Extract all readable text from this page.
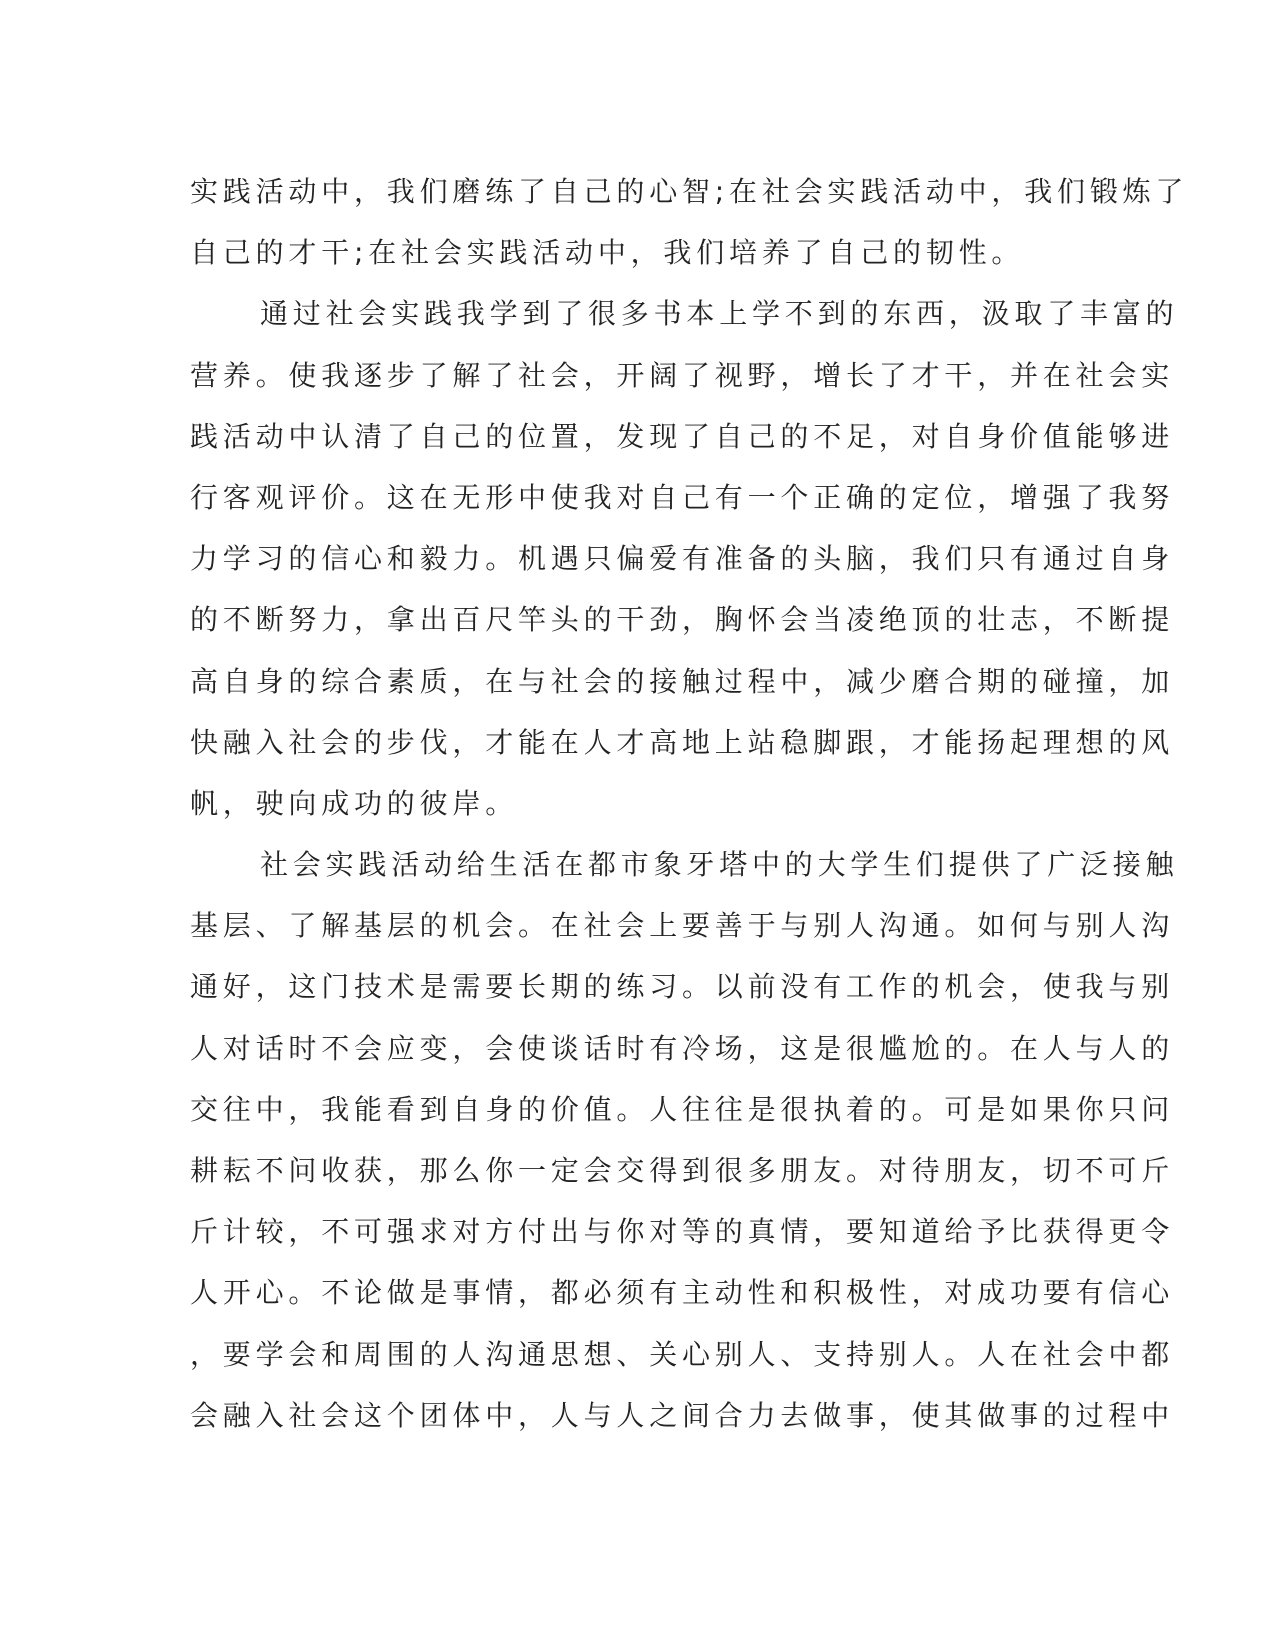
实践活动中，我们磨练了自己的心智;在社会实践活动中，我们锻炼了
自己的才干;在社会实践活动中，我们培养了自己的韧性。
通过社会实践我学到了很多书本上学不到的东西，汲取了丰富的
营养。使我逐步了解了社会，开阔了视野，增长了才干，并在社会实
践活动中认清了自己的位置，发现了自己的不足，对自身价值能够进
行客观评价。这在无形中使我对自己有一个正确的定位，增强了我努
力学习的信心和毅力。机遇只偏爱有准备的头脑，我们只有通过自身
的不断努力，拿出百尺竿头的干劲，胸怀会当凌绝顶的壮志，不断提
高自身的综合素质，在与社会的接触过程中，减少磨合期的碰撞，加
快融入社会的步伐，才能在人才高地上站稳脚跟，才能扬起理想的风
帆，驶向成功的彼岸。
社会实践活动给生活在都市象牙塔中的大学生们提供了广泛接触
基层、了解基层的机会。在社会上要善于与别人沟通。如何与别人沟
通好，这门技术是需要长期的练习。以前没有工作的机会，使我与别
人对话时不会应变，会使谈话时有冷场，这是很尴尬的。在人与人的
交往中，我能看到自身的价值。人往往是很执着的。可是如果你只问
耕耘不问收获，那么你一定会交得到很多朋友。对待朋友，切不可斤
斤计较，不可强求对方付出与你对等的真情，要知道给予比获得更令
人开心。不论做是事情，都必须有主动性和积极性，对成功要有信心
，要学会和周围的人沟通思想、关心别人、支持别人。人在社会中都
会融入社会这个团体中，人与人之间合力去做事，使其做事的过程中
